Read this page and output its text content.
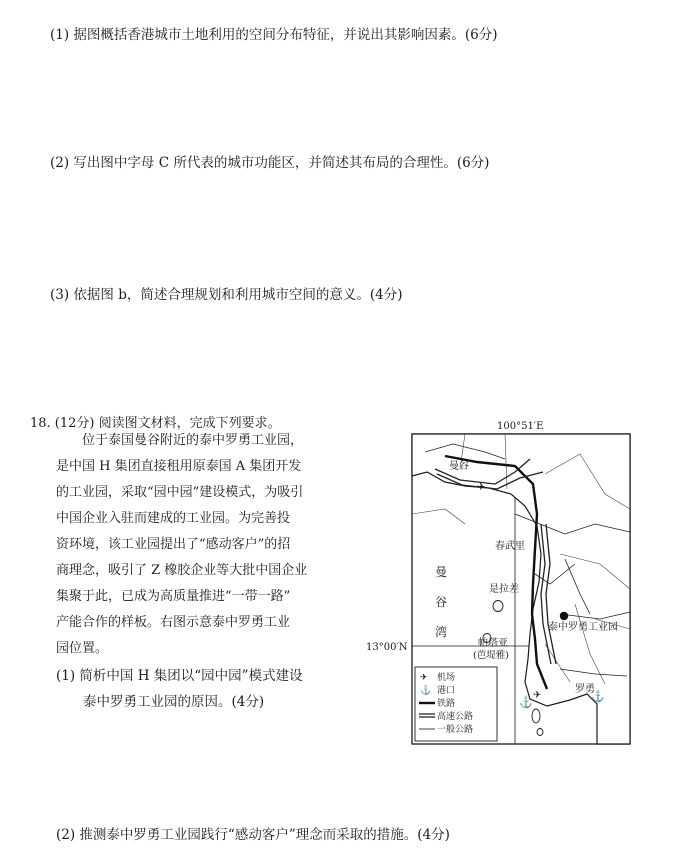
(1) 据图概括香港城市土地利用的空间分布特征，并说出其影响因素。(6分)
(2) 写出图中字母 C 所代表的城市功能区，并简述其布局的合理性。(6分)
(3) 依据图 b，简述合理规划和利用城市空间的意义。(4分)
18. (12分) 阅读图文材料，完成下列要求。
位于泰国曼谷附近的泰中罗勇工业园，
是中国 H 集团直接租用原泰国 A 集团开发
的工业园，采取“园中园”建设模式，为吸引
中国企业入驻而建成的工业园。为完善投
资环境，该工业园提出了“感动客户”的招
商理念，吸引了 Z 橡胶企业等大批中国企业
集聚于此，已成为高质量推进“一带一路”
产能合作的样板。右图示意泰中罗勇工业
园位置。
(1) 简析中国 H 集团以“园中园”模式建设
泰中罗勇工业园的原因。(4分)
(2) 推测泰中罗勇工业园践行“感动客户”理念而采取的措施。(4分)
100°51′E
13°00′N
✈
✈
⚓	⚓
曼谷
春武里
是拉差
帕塔亚
(芭堤雅)
泰中罗勇工业园
罗勇
曼
谷
湾
✈ 机场
⚓ 港口
铁路
高速公路
一般公路
